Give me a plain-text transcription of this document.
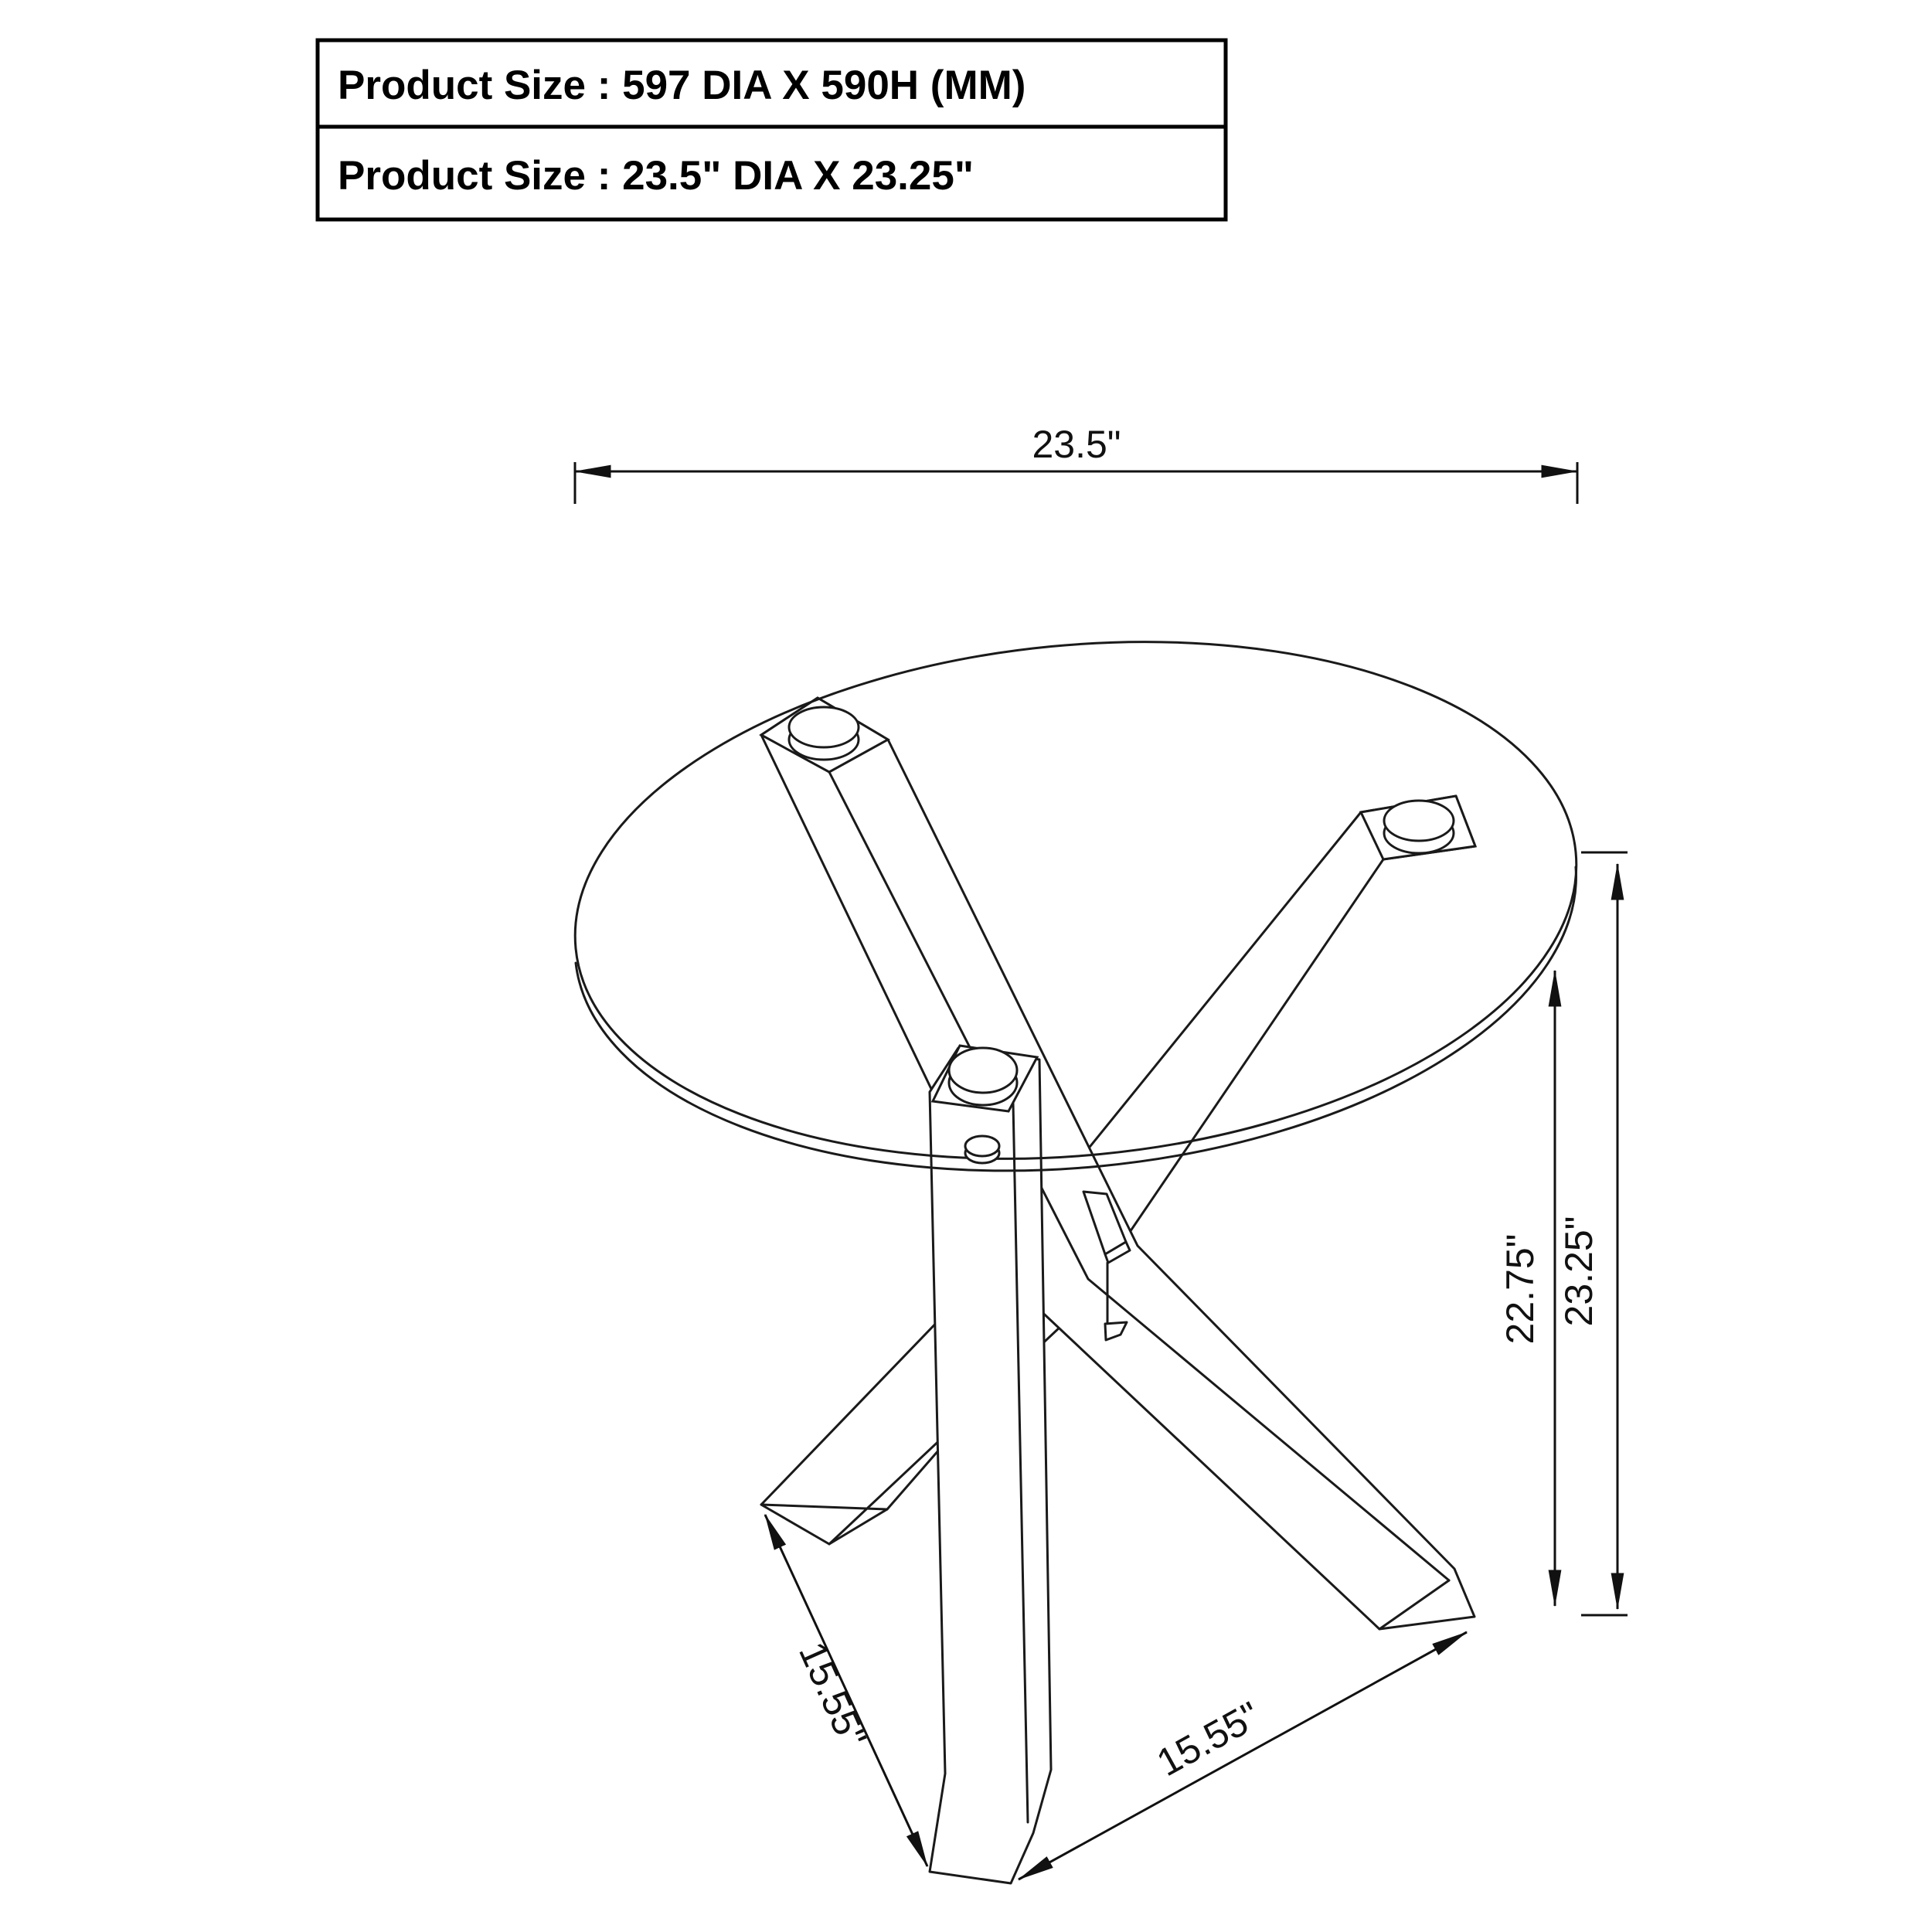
Product Size : 597 DIA X 590H (MM)
Product Size : 23.5" DIA X 23.25"
23.5"
23.25"
22.75"
15.55"	15.55"
